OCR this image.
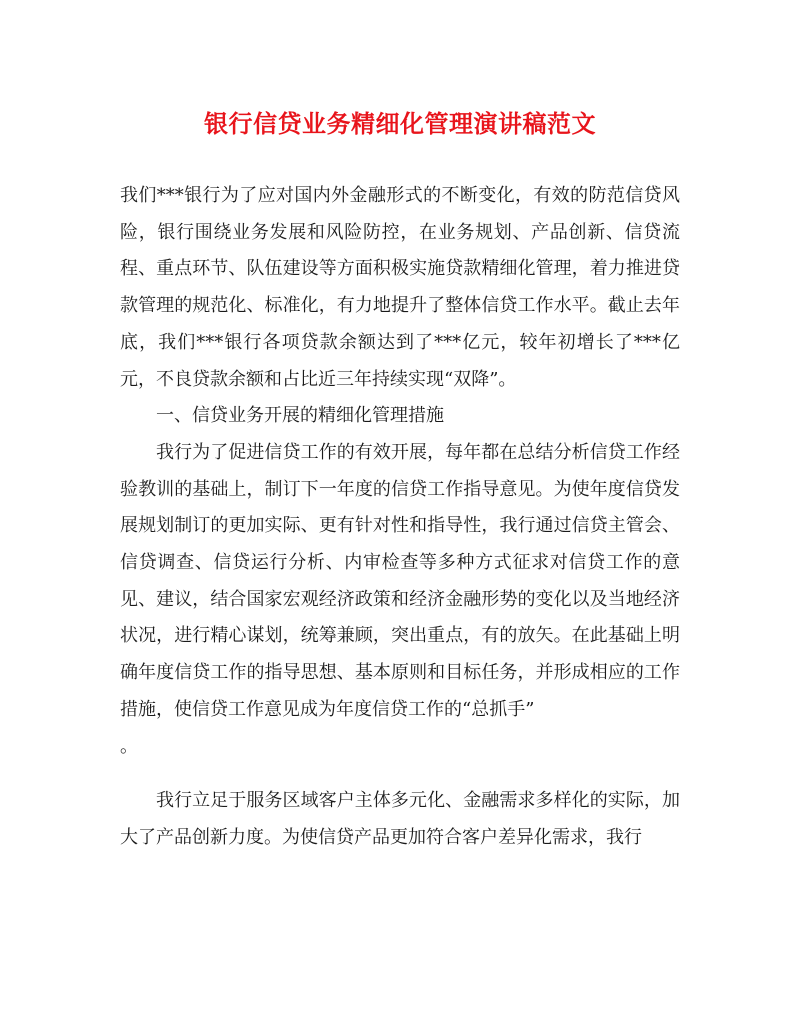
银行信贷业务精细化管理演讲稿范文

我们***银行为了应对国内外金融形式的不断变化，有效的防范信贷风险，银行围绕业务发展和风险防控，在业务规划、产品创新、信贷流程、重点环节、队伍建设等方面积极实施贷款精细化管理，着力推进贷款管理的规范化、标准化，有力地提升了整体信贷工作水平。截止去年底，我们***银行各项贷款余额达到了***亿元，较年初增长了***亿元，不良贷款余额和占比近三年持续实现“双降”。

一、信贷业务开展的精细化管理措施

我行为了促进信贷工作的有效开展，每年都在总结分析信贷工作经验教训的基础上，制订下一年度的信贷工作指导意见。为使年度信贷发展规划制订的更加实际、更有针对性和指导性，我行通过信贷主管会、信贷调查、信贷运行分析、内审检查等多种方式征求对信贷工作的意见、建议，结合国家宏观经济政策和经济金融形势的变化以及当地经济状况，进行精心谋划，统筹兼顾，突出重点，有的放矢。在此基础上明确年度信贷工作的指导思想、基本原则和目标任务，并形成相应的工作措施，使信贷工作意见成为年度信贷工作的“总抓手”

。

我行立足于服务区域客户主体多元化、金融需求多样化的实际，加大了产品创新力度。为使信贷产品更加符合客户差异化需求，我行
